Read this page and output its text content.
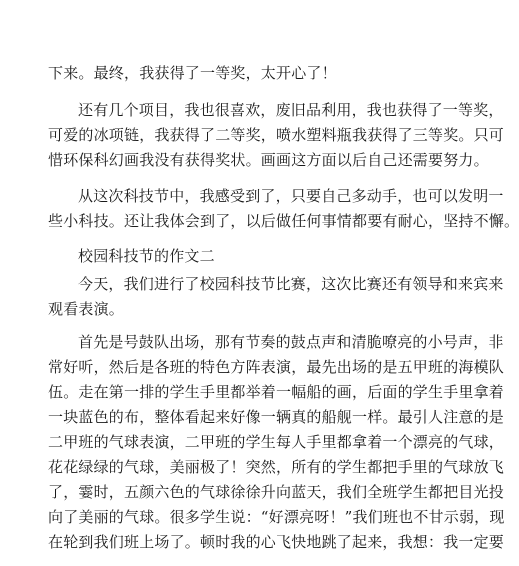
下来。最终，我获得了一等奖，太开心了！
还有几个项目，我也很喜欢，废旧品利用，我也获得了一等奖，
可爱的冰项链，我获得了二等奖，喷水塑料瓶我获得了三等奖。只可
惜环保科幻画我没有获得奖状。画画这方面以后自己还需要努力。
从这次科技节中，我感受到了，只要自己多动手，也可以发明一
些小科技。还让我体会到了，以后做任何事情都要有耐心，坚持不懈。
校园科技节的作文二
今天，我们进行了校园科技节比赛，这次比赛还有领导和来宾来
观看表演。
首先是号鼓队出场，那有节奏的鼓点声和清脆嘹亮的小号声，非
常好听，然后是各班的特色方阵表演，最先出场的是五甲班的海模队
伍。走在第一排的学生手里都举着一幅船的画，后面的学生手里拿着
一块蓝色的布，整体看起来好像一辆真的船舰一样。最引人注意的是
二甲班的气球表演，二甲班的学生每人手里都拿着一个漂亮的气球，
花花绿绿的气球，美丽极了！突然，所有的学生都把手里的气球放飞
了，霎时，五颜六色的气球徐徐升向蓝天，我们全班学生都把目光投
向了美丽的气球。很多学生说：“好漂亮呀！”我们班也不甘示弱，现
在轮到我们班上场了。顿时我的心飞快地跳了起来，我想：我一定要
